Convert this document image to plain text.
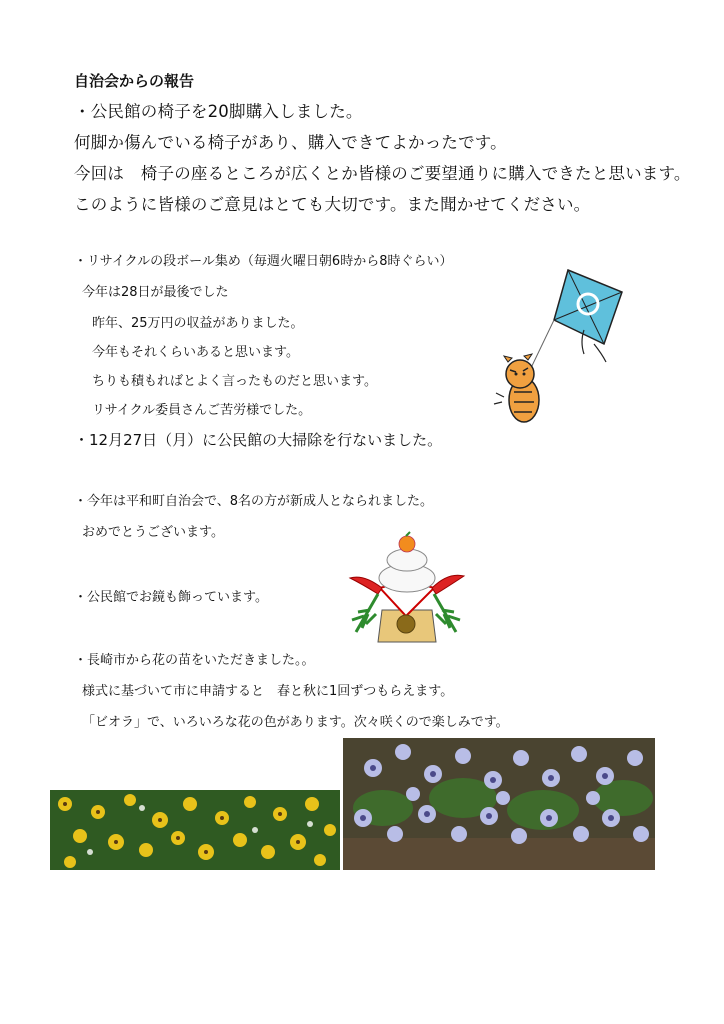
自治会からの報告
・公民館の椅子を20脚購入しました。
何脚か傷んでいる椅子があり、購入できてよかったです。
今回は　椅子の座るところが広くとか皆様のご要望通りに購入できたと思います。
このように皆様のご意見はとても大切です。また聞かせてください。
・リサイクルの段ボール集め（毎週火曜日朝6時から8時ぐらい）
今年は28日が最後でした
昨年、25万円の収益がありました。
今年もそれくらいあると思います。
ちりも積もればとよく言ったものだと思います。
リサイクル委員さんご苦労様でした。
・12月27日（月）に公民館の大掃除を行ないました。
・今年は平和町自治会で、8名の方が新成人となられました。
おめでとうございます。
・公民館でお鏡も飾っています。
・長崎市から花の苗をいただきました。。
様式に基づいて市に申請すると　春と秋に1回ずつもらえます。
「ビオラ」で、いろいろな花の色があります。次々咲くので楽しみです。
